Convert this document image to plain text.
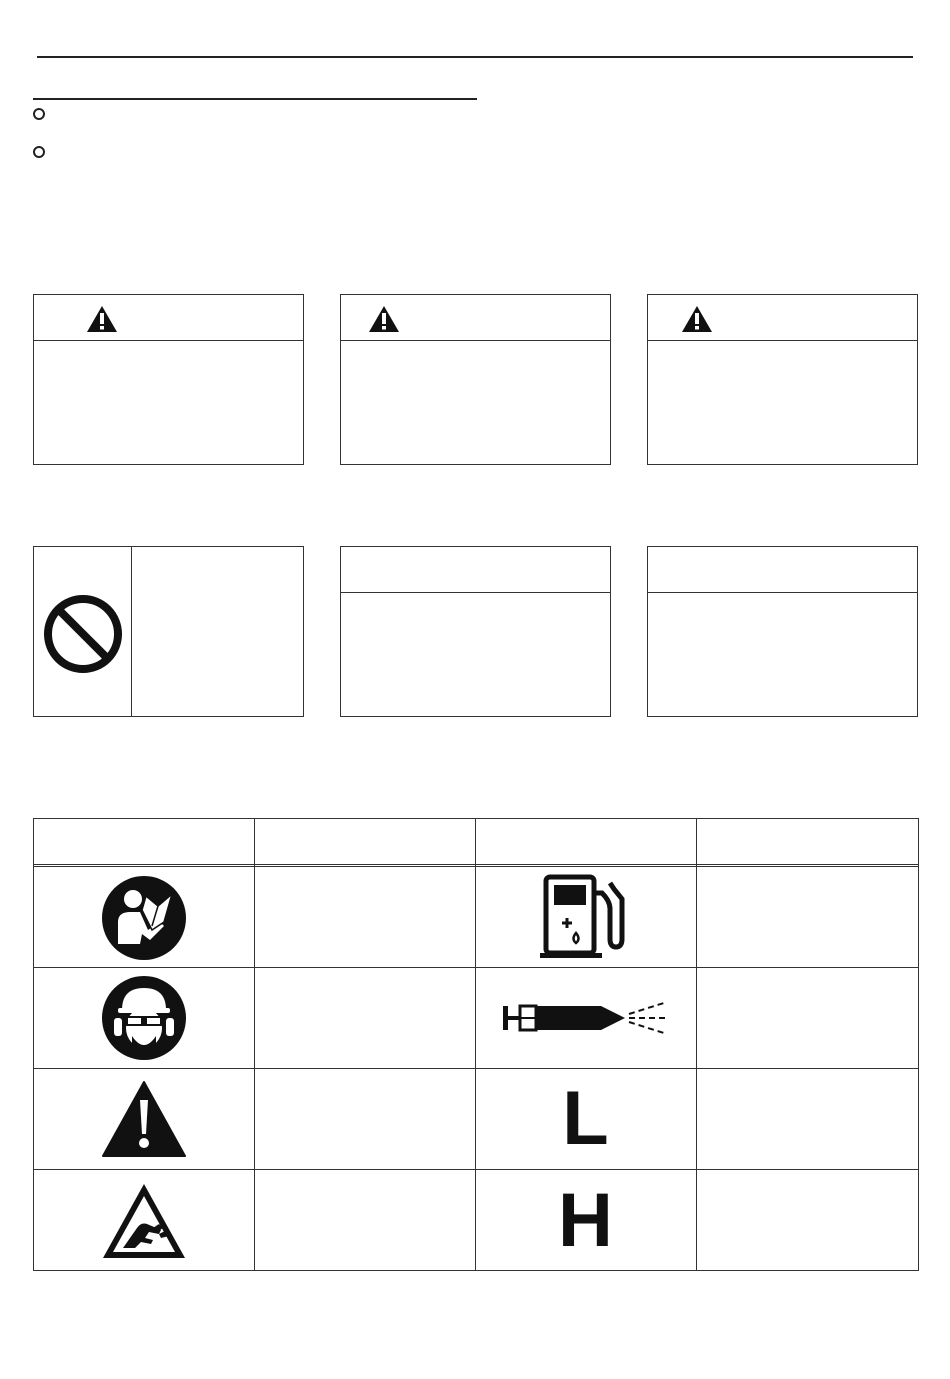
L
H
